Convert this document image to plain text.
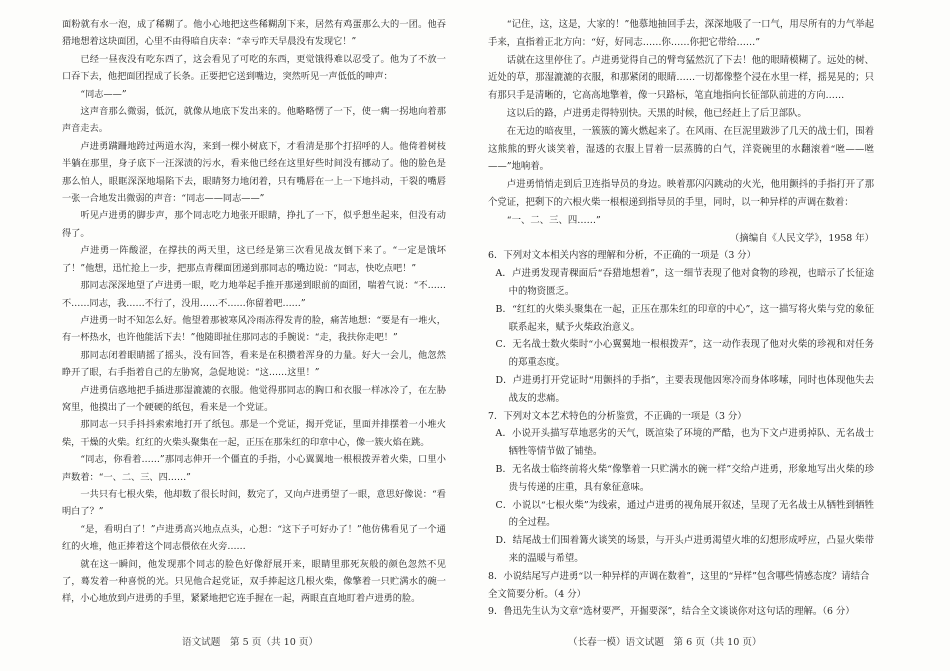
面粉就有水一泡，成了稀糊了。他小心地把这些稀糊刮下来，居然有鸡蛋那么大的一团。他吞猎地想着这块面团，心里不由得暗自庆幸：“幸亏昨天早晨没有发现它！”

已经一昼夜没有吃东西了，这会看见了可吃的东西，更觉饿得难以忍受了。他为了不放一口吞下去，他把面团捏成了长条。正要把它送到嘴边，突然听见一声低低的呻声：

“同志——”

这声音那么微弱，低沉，就像从地底下发出来的。他略略愣了一下，使一瘸一拐地向着那声音走去。

卢进勇蹒跚地跨过两道水沟，来到一棵小树底下，才看清是那个打招呼的人。他倚着树枝半躺在那里，身子底下一汪深渍的污水，看来他已经在这里好些时间没有挪动了。他的脸色是那么怕人，眼眶深深地塌陷下去，眼睛努力地闭着，只有嘴唇在一上一下地抖动，干裂的嘴唇一张一合地发出微弱的声音：“同志——同志——”

听见卢进勇的脚步声，那个同志吃力地张开眼睛，挣扎了一下，似乎想坐起来，但没有动得了。

卢进勇一阵酸涩，在撑扶的两天里，这已经是第三次看见战友倒下来了。“一定是饿坏了！”他想，迅忙抢上一步，把那点青稞面团递到那同志的嘴边说：“同志，快吃点吧！”

那同志深深地望了卢进勇一眼，吃力地举起手推开那递到眼前的面团，喘着气说：“不……不……同志，我……不行了，没用……不……你留着吧……”

卢进勇一时不知怎么好。他望着那被寒风冷雨冻得发青的脸，痛苦地想：“要是有一堆火，有一杯热水，也许他能活下去！”他随即扯住那同志的手腕说：“走，我扶你走吧！”

那同志闭着眼睛摇了摇头，没有回答，看来是在积攒着浑身的力量。好大一会儿，他忽然睁开了眼，右手指着自己的左胁窝，急促地说：“这……这里！”

卢进勇信惑地把手插进那湿漉漉的衣服。他觉得那同志的胸口和衣服一样冰冷了，在左胁窝里，他摸出了一个硬硬的纸包，看来是一个党证。

那同志一只手抖抖索索地打开了纸包。那是一个党证，揭开党证，里面并排摆着一小堆火柴，干燥的火柴。红红的火柴头聚集在一起，正压在那朱红的印章中心，像一簇火焰在跳。

“同志，你看着……”那同志伸开一个僵直的手指，小心翼翼地一根根拨弄着火柴，口里小声数着：“一、二、三、四……”

一共只有七根火柴，他却数了很长时间，数完了，又向卢进勇望了一眼，意思好像说：“看明白了？”

“是，看明白了！”卢进勇高兴地点点头，心想：“这下子可好办了！”他仿佛看见了一个通红的火堆，他正捧着这个同志偎依在火旁……

就在这一瞬间，他发现那个同志的脸色好像舒展开来，眼睛里那死灰般的颜色忽然不见了，蓦发着一种喜悦的光。只见他合起党证，双手捧起这几根火柴，像擎着一只贮满水的碗一样，小心地放到卢进勇的手里，紧紧地把它连手握在一起，两眼直直地盯着卢进勇的脸。

“记住，这，这是，大家的！”他慕地抽回手去，深深地吸了一口气，用尽所有的力气举起手来，直指着正北方向：“好，好同志……你……你把它带给……”

话就在这里停住了。卢进勇觉得自己的臂弯猛然沉了下去！他的眼睛模糊了。远处的树、近处的草，那湿漉漉的衣服，和那紧闭的眼睛……一切都像整个浸在水里一样，摇晃晃的；只有那只手是清晰的，它高高地擎着，像一只路标，笔直地指向长征部队前进的方向……

这以后的路，卢进勇走得特别快。天黑的时候，他已经赶上了后卫部队。

在无边的暗夜里，一簇簇的篝火燃起来了。在风雨、在巨泥里跋涉了几天的战士们，围着这熊熊的野火谈笑着，湿透的衣服上冒着一层蒸腾的白气，洋瓷碗里的水翻滚着“咝——咝——”地响着。

卢进勇悄悄走到后卫连指导员的身边。映着那闪闪跳动的火光，他用颤抖的手指打开了那个党证，把剩下的六根火柴一根根递到指导员的手里，同时，以一种异样的声调在数着：

“一、二、三、四……”

（摘编自《人民文学》，1958 年）

6．下列对文本相关内容的理解和分析，不正确的一项是（3 分）
A．卢进勇发现青稞面后“吞猎地想着”，这一细节表现了他对食物的珍视，也暗示了长征途中的物资匮乏。
B．“红红的火柴头聚集在一起，正压在那朱红的印章的中心”，这一描写将火柴与党的象征联系起来，赋予火柴政治意义。
C．无名战士数火柴时“小心翼翼地一根根拨弄”，这一动作表现了他对火柴的珍视和对任务的郑重态度。
D．卢进勇打开党证时“用颤抖的手指”，主要表现他因寒冷而身体哆嗦，同时也体现他失去战友的悲痛。
7．下列对文本艺术特色的分析鉴赏，不正确的一项是（3 分）
A．小说开头描写草地恶劣的天气，既渲染了环境的严酷，也为下文卢进勇掉队、无名战士牺牲等情节做了铺垫。
B．无名战士临终前将火柴“像擎着一只贮满水的碗一样”交给卢进勇，形象地写出火柴的珍贵与传递的庄重，具有象征意味。
C．小说以“七根火柴”为线索，通过卢进勇的视角展开叙述，呈现了无名战士从牺牲到牺牲的全过程。
D．结尾战士们围着篝火谈笑的场景，与开头卢进勇渴望火堆的幻想形成呼应，凸显火柴带来的温暖与希望。
8．小说结尾写卢进勇“以一种异样的声调在数着”，这里的“异样”包含哪些情感态度？请结合全文简要分析。（4 分）
9．鲁迅先生认为文章“选材要严，开掘要深”，结合全文谈谈你对这句话的理解。（6 分）
语文试题　第 5 页（共 10 页）	（长春一模）语文试题　第 6 页（共 10 页）
